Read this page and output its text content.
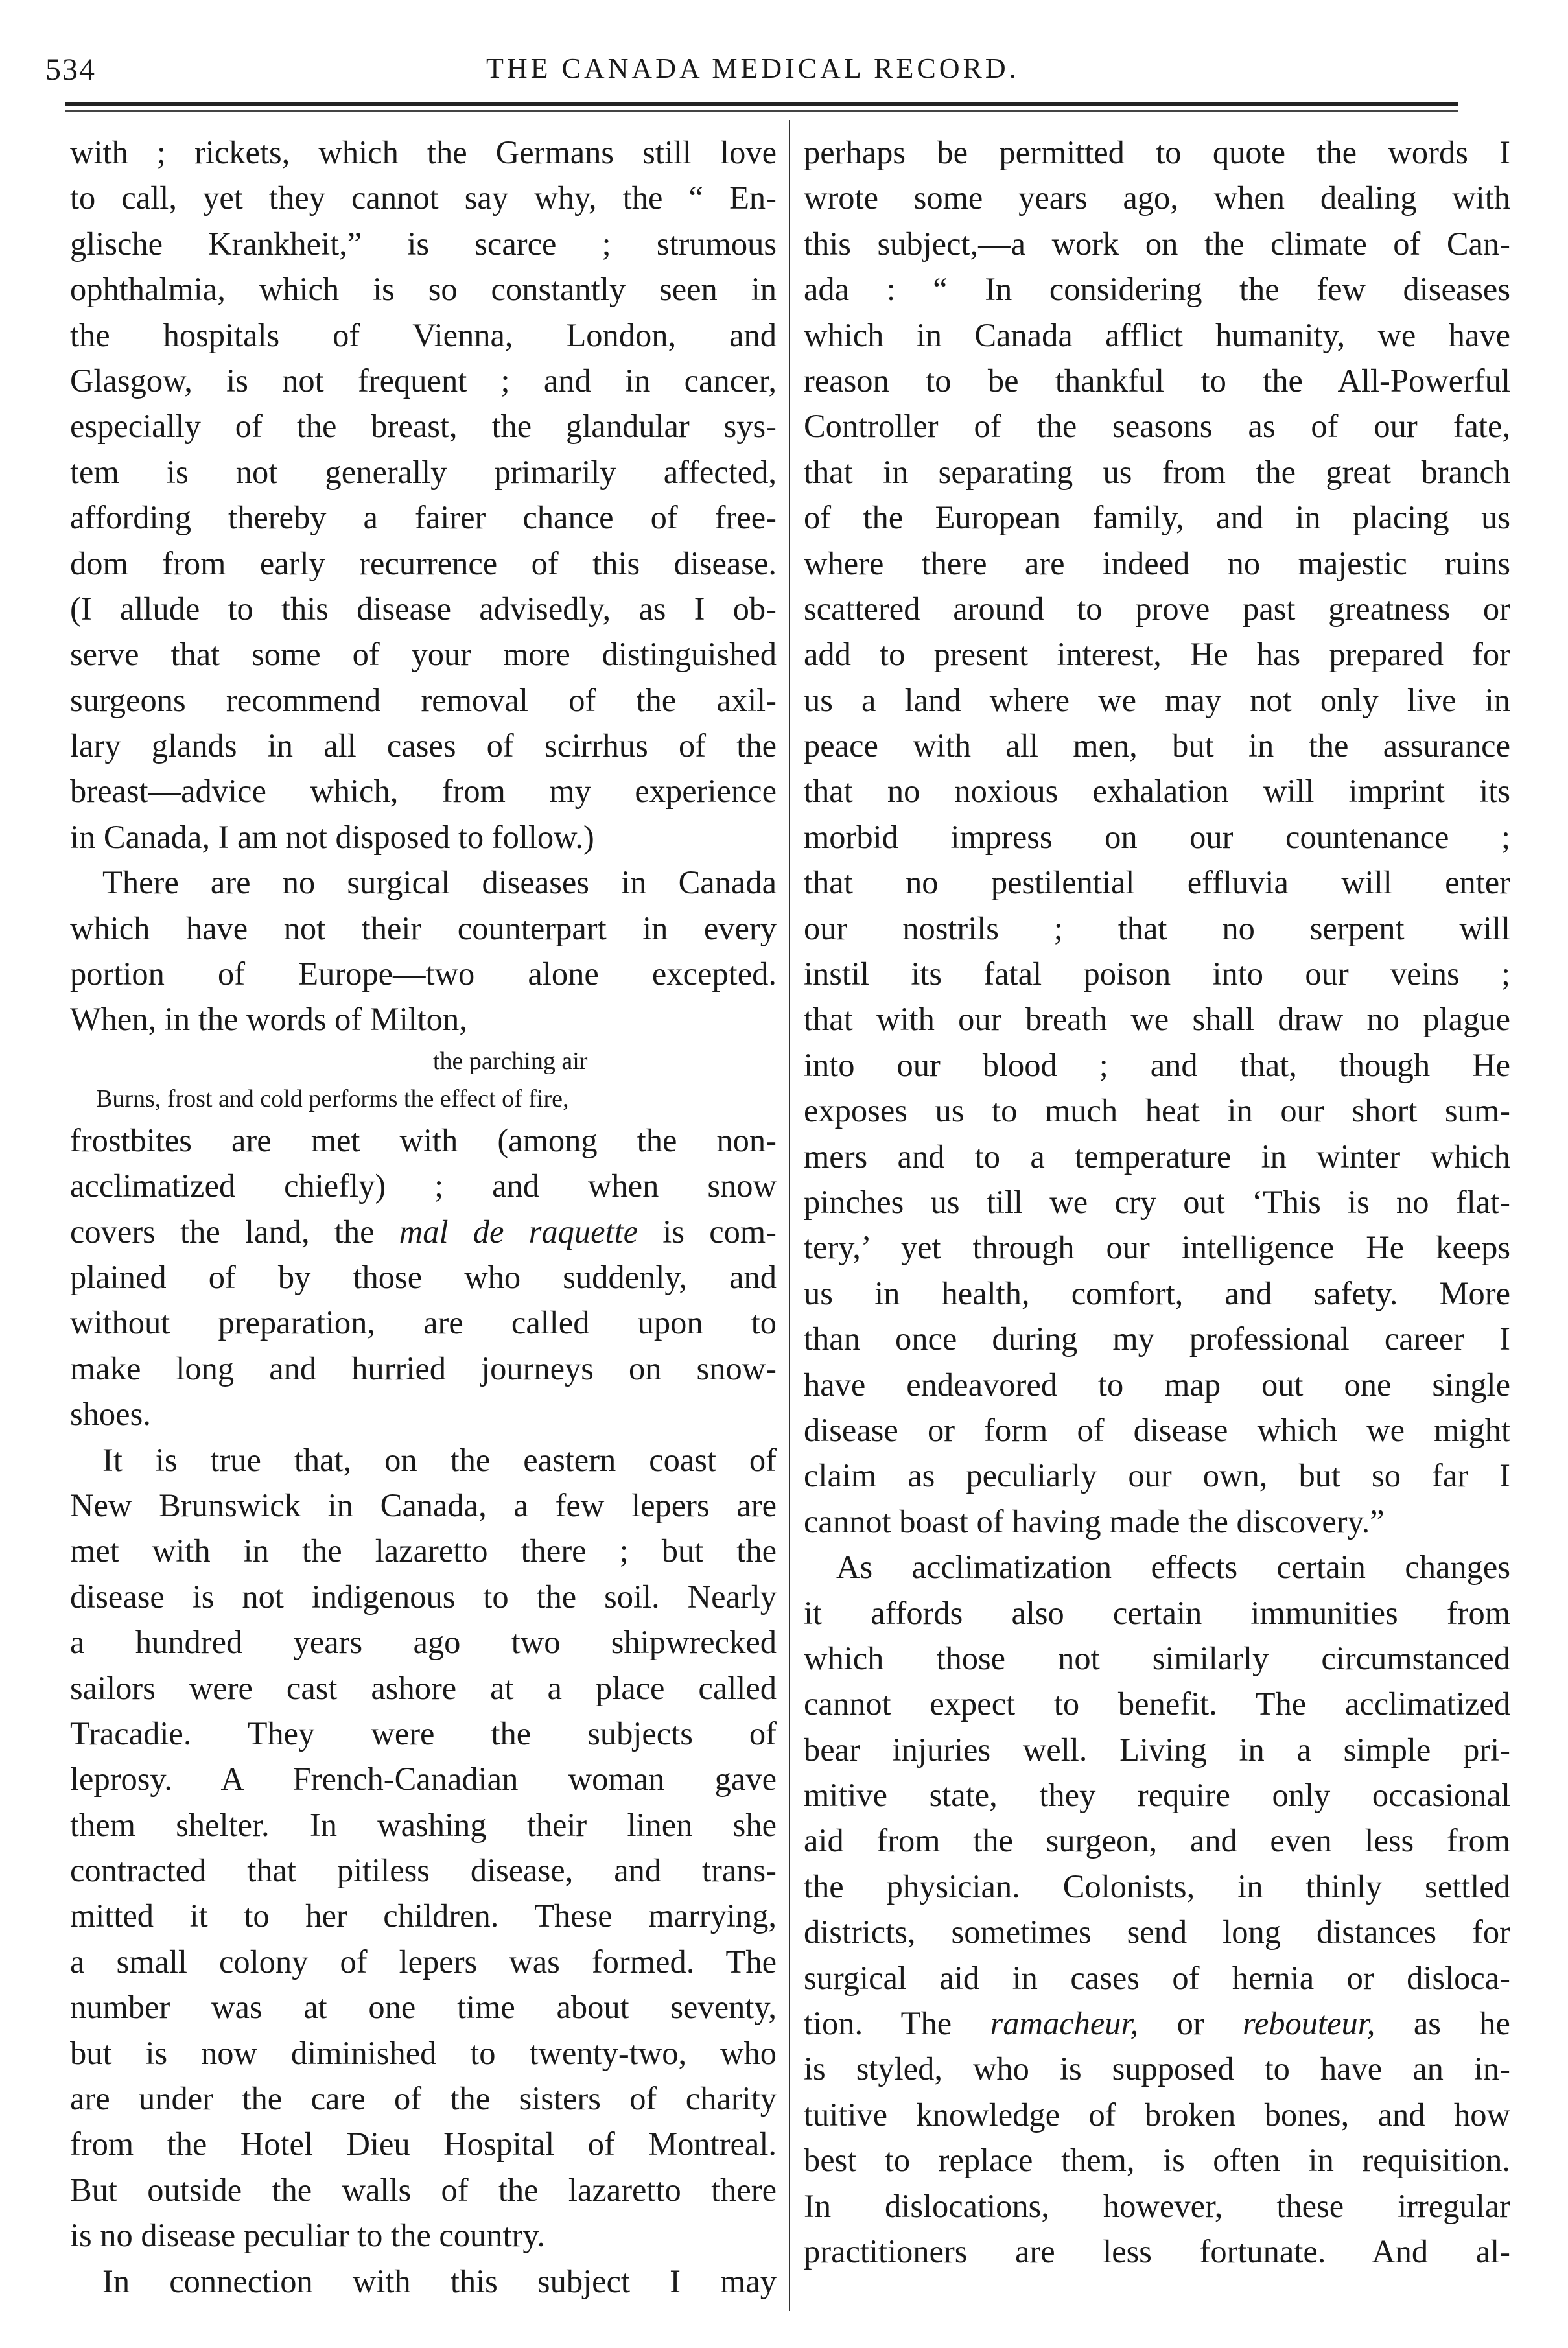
534	THE CANADA MEDICAL RECORD.
with ; rickets, which the Germans still love
to call, yet they cannot say why, the “ En-
glische Krankheit,” is scarce ; strumous
ophthalmia, which is so constantly seen in
the hospitals of Vienna, London, and
Glasgow, is not frequent ; and in cancer,
especially of the breast, the glandular sys-
tem is not generally primarily affected,
affording thereby a fairer chance of free-
dom from early recurrence of this disease.
(I allude to this disease advisedly, as I ob-
serve that some of your more distinguished
surgeons recommend removal of the axil-
lary glands in all cases of scirrhus of the
breast—advice which, from my experience
in Canada, I am not disposed to follow.)
There are no surgical diseases in Canada
which have not their counterpart in every
portion of Europe—two alone excepted.
When, in the words of Milton,
the parching air
Burns, frost and cold performs the effect of fire,
frostbites are met with (among the non-
acclimatized chiefly) ; and when snow
covers the land, the mal de raquette is com-
plained of by those who suddenly, and
without preparation, are called upon to
make long and hurried journeys on snow-
shoes.
It is true that, on the eastern coast of
New Brunswick in Canada, a few lepers are
met with in the lazaretto there ; but the
disease is not indigenous to the soil. Nearly
a hundred years ago two shipwrecked
sailors were cast ashore at a place called
Tracadie. They were the subjects of
leprosy. A French-Canadian woman gave
them shelter. In washing their linen she
contracted that pitiless disease, and trans-
mitted it to her children. These marrying,
a small colony of lepers was formed. The
number was at one time about seventy,
but is now diminished to twenty-two, who
are under the care of the sisters of charity
from the Hotel Dieu Hospital of Montreal.
But outside the walls of the lazaretto there
is no disease peculiar to the country.
In connection with this subject I may
perhaps be permitted to quote the words I
wrote some years ago, when dealing with
this subject,—a work on the climate of Can-
ada : “ In considering the few diseases
which in Canada afflict humanity, we have
reason to be thankful to the All-Powerful
Controller of the seasons as of our fate,
that in separating us from the great branch
of the European family, and in placing us
where there are indeed no majestic ruins
scattered around to prove past greatness or
add to present interest, He has prepared for
us a land where we may not only live in
peace with all men, but in the assurance
that no noxious exhalation will imprint its
morbid impress on our countenance ;
that no pestilential effluvia will enter
our nostrils ; that no serpent will
instil its fatal poison into our veins ;
that with our breath we shall draw no plague
into our blood ; and that, though He
exposes us to much heat in our short sum-
mers and to a temperature in winter which
pinches us till we cry out ‘This is no flat-
tery,’ yet through our intelligence He keeps
us in health, comfort, and safety. More
than once during my professional career I
have endeavored to map out one single
disease or form of disease which we might
claim as peculiarly our own, but so far I
cannot boast of having made the discovery.”
As acclimatization effects certain changes
it affords also certain immunities from
which those not similarly circumstanced
cannot expect to benefit. The acclimatized
bear injuries well. Living in a simple pri-
mitive state, they require only occasional
aid from the surgeon, and even less from
the physician. Colonists, in thinly settled
districts, sometimes send long distances for
surgical aid in cases of hernia or disloca-
tion. The ramacheur, or rebouteur, as he
is styled, who is supposed to have an in-
tuitive knowledge of broken bones, and how
best to replace them, is often in requisition.
In dislocations, however, these irregular
practitioners are less fortunate. And al-
